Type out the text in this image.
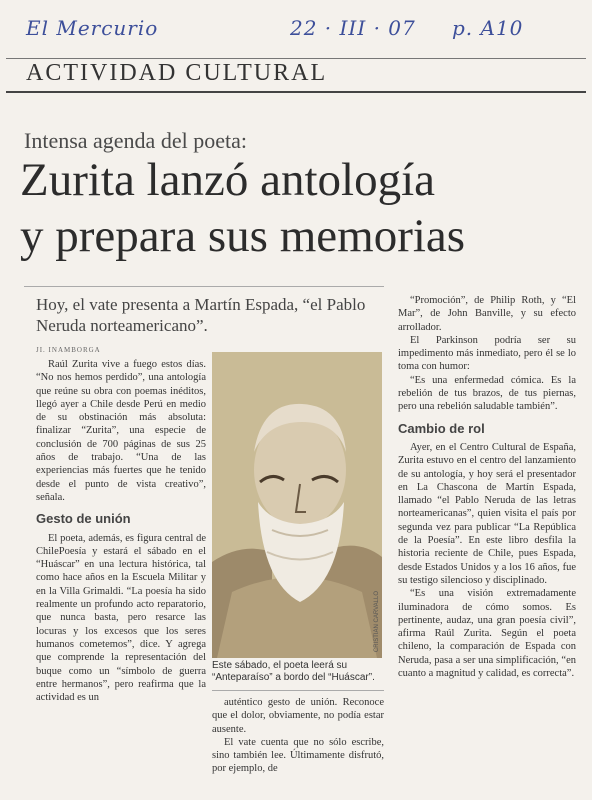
El Mercurio	22 · III · 07 p. A10
ACTIVIDAD CULTURAL
Intensa agenda del poeta:
Zurita lanzó antología
y prepara sus memorias

Hoy, el vate presenta a Martín Espada, “el Pablo Neruda norteamericano”.

JI. INAMBORGA

Raúl Zurita vive a fuego estos días. “No nos hemos perdido”, una antología que reúne su obra con poemas inéditos, llegó ayer a Chile desde Perú en medio de su obstinación más absoluta: finalizar “Zurita”, una especie de conclusión de 700 páginas de sus 25 años de trabajo. “Una de las experiencias más fuertes que he tenido desde el punto de vista creativo”, señala.

Gesto de unión

El poeta, además, es figura central de ChilePoesía y estará el sábado en el “Huáscar” en una lectura histórica, tal como hace años en la Escuela Militar y en la Villa Grimaldi. “La poesía ha sido realmente un profundo acto reparatorio, que nunca basta, pero resarce las locuras y los excesos que los seres humanos cometemos”, dice. Y agrega que comprende la representación del buque como un “símbolo de guerra entre hermanos”, pero reafirma que la actividad es un

CRISTIÁN CARVALLO

Este sábado, el poeta leerá su “Anteparaíso” a bordo del “Huáscar”.

auténtico gesto de unión. Reconoce que el dolor, obviamente, no podía estar ausente.

El vate cuenta que no sólo escribe, sino también lee. Últimamente disfrutó, por ejemplo, de

“Promoción”, de Philip Roth, y “El Mar”, de John Banville, y su efecto arrollador.

El Parkinson podría ser su impedimento más inmediato, pero él se lo toma con humor:

“Es una enfermedad cómica. Es la rebelión de tus brazos, de tus piernas, pero una rebelión saludable también”.

Cambio de rol

Ayer, en el Centro Cultural de España, Zurita estuvo en el centro del lanzamiento de su antología, y hoy será el presentador en La Chascona de Martín Espada, llamado “el Pablo Neruda de las letras norteamericanas”, quien visita el país por segunda vez para publicar “La República de la Poesía”. En este libro desfila la historia reciente de Chile, pues Espada, desde Estados Unidos y a los 16 años, fue su testigo silencioso y disciplinado.

“Es una visión extremadamente iluminadora de cómo somos. Es pertinente, audaz, una gran poesía civil”, afirma Raúl Zurita. Según el poeta chileno, la comparación de Espada con Neruda, pasa a ser una simplificación, “en cuanto a magnitud y calidad, es correcta”.
